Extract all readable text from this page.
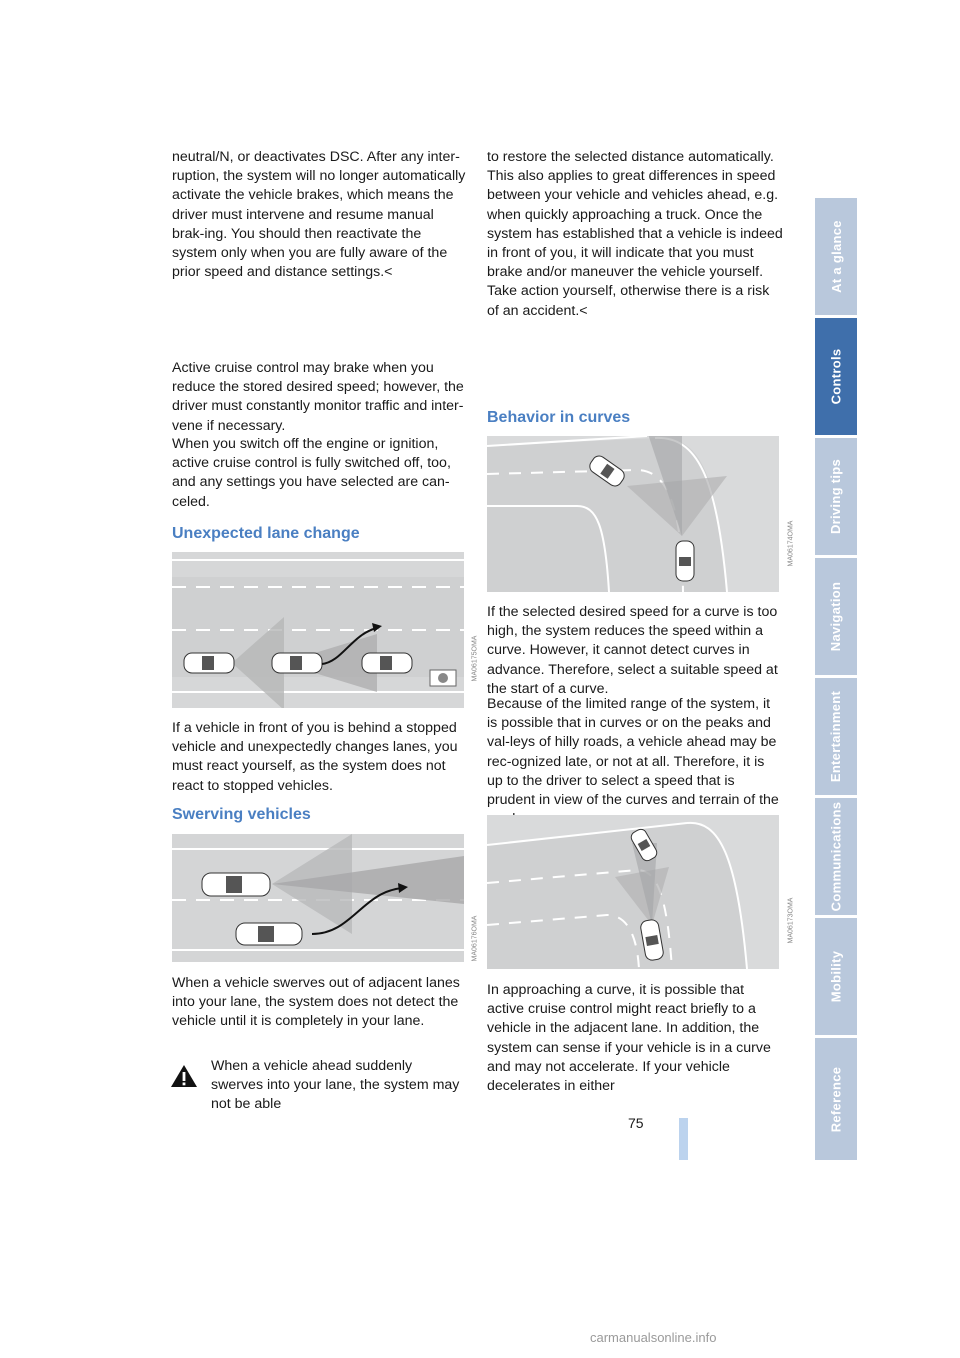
neutral/N, or deactivates DSC. After any inter-ruption, the system will no longer automatically activate the vehicle brakes, which means the driver must intervene and resume manual brak-ing. You should then reactivate the system only when you are fully aware of the prior speed and distance settings.<

Active cruise control may brake when you reduce the stored desired speed; however, the driver must constantly monitor traffic and inter-vene if necessary.

When you switch off the engine or ignition, active cruise control is fully switched off, too, and any settings you have selected are can-celed.

Unexpected lane change
MA06175OMA

If a vehicle in front of you is behind a stopped vehicle and unexpectedly changes lanes, you must react yourself, as the system does not react to stopped vehicles.

Swerving vehicles
MA06176OMA

When a vehicle swerves out of adjacent lanes into your lane, the system does not detect the vehicle until it is completely in your lane.

When a vehicle ahead suddenly swerves into your lane, the system may not be able

to restore the selected distance automatically. This also applies to great differences in speed between your vehicle and vehicles ahead, e.g. when quickly approaching a truck. Once the system has established that a vehicle is indeed in front of you, it will indicate that you must brake and/or maneuver the vehicle yourself. Take action yourself, otherwise there is a risk of an accident.<

Behavior in curves
MA06174OMA

If the selected desired speed for a curve is too high, the system reduces the speed within a curve. However, it cannot detect curves in advance. Therefore, select a suitable speed at the start of a curve.

Because of the limited range of the system, it is possible that in curves or on the peaks and val-leys of hilly roads, a vehicle ahead may be rec-ognized late, or not at all. Therefore, it is up to the driver to select a speed that is prudent in view of the curves and terrain of the

MA06173OMA

In approaching a curve, it is possible that active cruise control might react briefly to a vehicle in the adjacent lane. In addition, the system can sense if your vehicle is in a curve and may not accelerate. If your vehicle decelerates in either

At a glance
Controls
Driving tips
Navigation
Entertainment
Communications
Mobility
Reference
75
carmanualsonline.info
